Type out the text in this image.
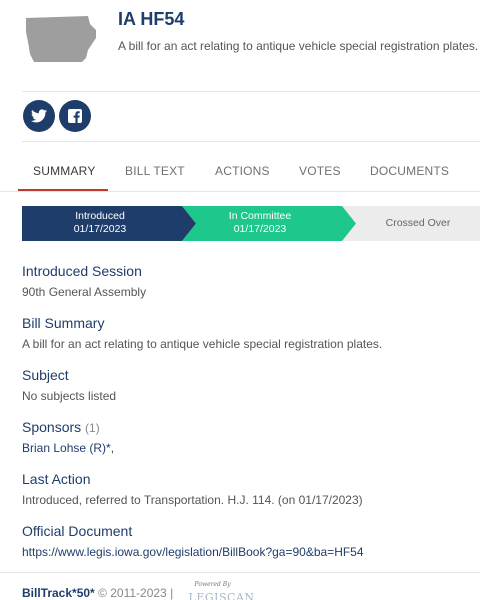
IA HF54
A bill for an act relating to antique vehicle special registration plates.
SUMMARY BILL TEXT	ACTIONS VOTES DOCUMENTS
Introduced
01/17/2023
In Committee
01/17/2023	Crossed Over
Introduced Session
90th General Assembly
Bill Summary
A bill for an act relating to antique vehicle special registration plates.
Subject
No subjects listed
Sponsors (1)
Brian Lohse (R)*,
Last Action
Introduced, referred to Transportation. H.J. 114. (on 01/17/2023)
Official Document
https://www.legis.iowa.gov/legislation/BillBook?ga=90&ba=HF54
BillTrack*50* © 2011-2023 |
Powered By
LEGISCAN
